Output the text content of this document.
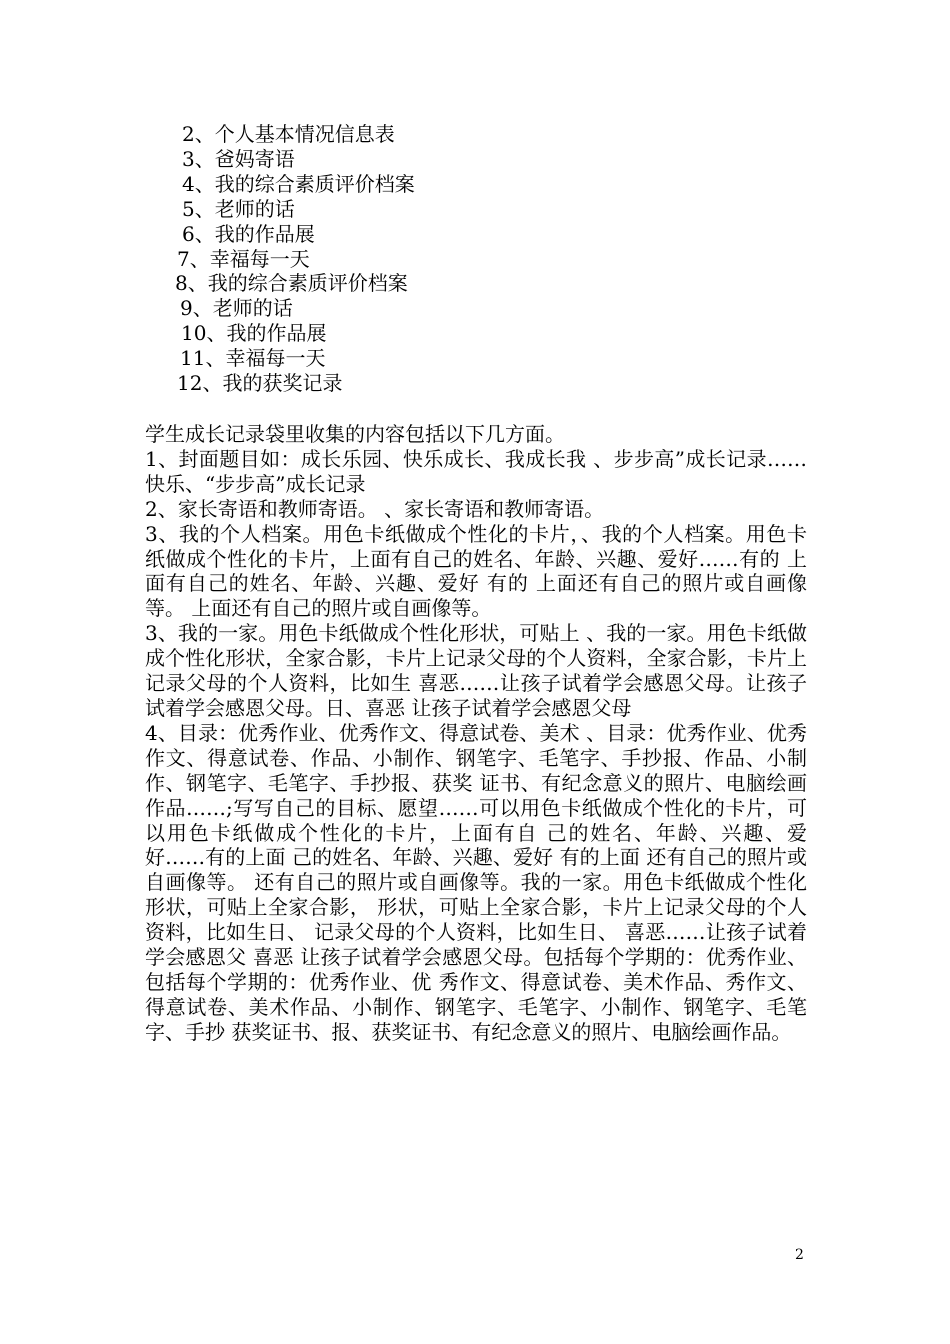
2、个人基本情况信息表
3、爸妈寄语
4、我的综合素质评价档案
5、老师的话
6、我的作品展
7、幸福每一天
8、我的综合素质评价档案
9、老师的话
10、我的作品展
11、幸福每一天
12、我的获奖记录

学生成长记录袋里收集的内容包括以下几方面。

1、封面题目如：成长乐园、快乐成长、我成长我 、步步高”成长记录…… 快乐、“步步高”成长记录

2、家长寄语和教师寄语。 、家长寄语和教师寄语。

3、我的个人档案。用色卡纸做成个性化的卡片，、我的个人档案。用色卡纸做成个性化的卡片，上面有自己的姓名、年龄、兴趣、爱好……有的 上面有自己的姓名、年龄、兴趣、爱好 有的 上面还有自己的照片或自画像等。 上面还有自己的照片或自画像等。

3、我的一家。用色卡纸做成个性化形状，可贴上 、我的一家。用色卡纸做成个性化形状，全家合影，卡片上记录父母的个人资料，全家合影，卡片上记录父母的个人资料，比如生 喜恶……让孩子试着学会感恩父母。让孩子试着学会感恩父母。日、喜恶 让孩子试着学会感恩父母

4、目录：优秀作业、优秀作文、得意试卷、美术 、目录：优秀作业、优秀作文、得意试卷、作品、小制作、钢笔字、毛笔字、手抄报、作品、小制作、钢笔字、毛笔字、手抄报、获奖 证书、有纪念意义的照片、电脑绘画作品……;写写自己的目标、愿望……可以用色卡纸做成个性化的卡片，可以用色卡纸做成个性化的卡片，上面有自 己的姓名、年龄、兴趣、爱好……有的上面 己的姓名、年龄、兴趣、爱好 有的上面 还有自己的照片或自画像等。 还有自己的照片或自画像等。我的一家。用色卡纸做成个性化 形状，可贴上全家合影， 形状，可贴上全家合影，卡片上记录父母的个人资料，比如生日、 记录父母的个人资料，比如生日、 喜恶……让孩子试着学会感恩父 喜恶 让孩子试着学会感恩父母。包括每个学期的：优秀作业、包括每个学期的：优秀作业、优 秀作文、得意试卷、美术作品、秀作文、得意试卷、美术作品、小制作、钢笔字、毛笔字、小制作、钢笔字、毛笔字、手抄 获奖证书、报、获奖证书、有纪念意义的照片、电脑绘画作品。

2
